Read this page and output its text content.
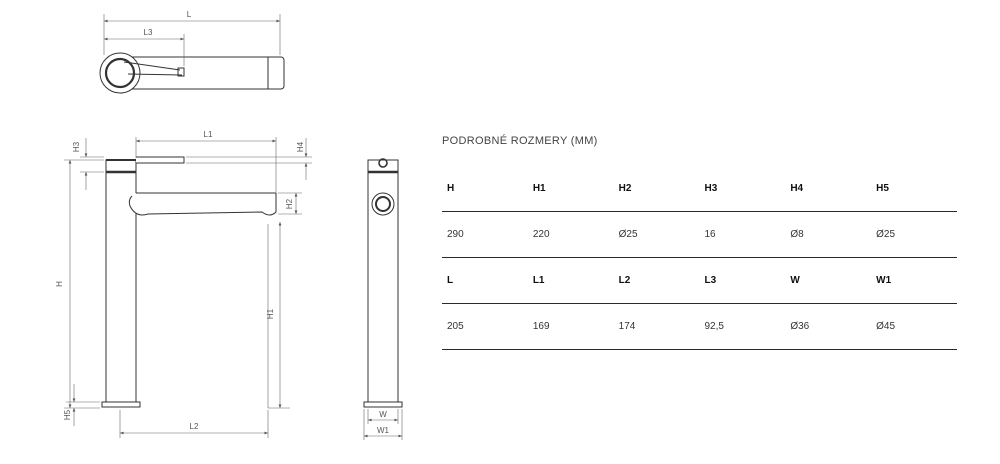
L
L3
L1
H
H3	H4
H2
H1
H5
L2
W
W1
PODROBNÉ ROZMERY (MM)
H	H1	H2	H3	H4	H5
290	220	Ø25	16	Ø8	Ø25
L	L1	L2	L3	W	W1
205	169	174	92,5	Ø36	Ø45
